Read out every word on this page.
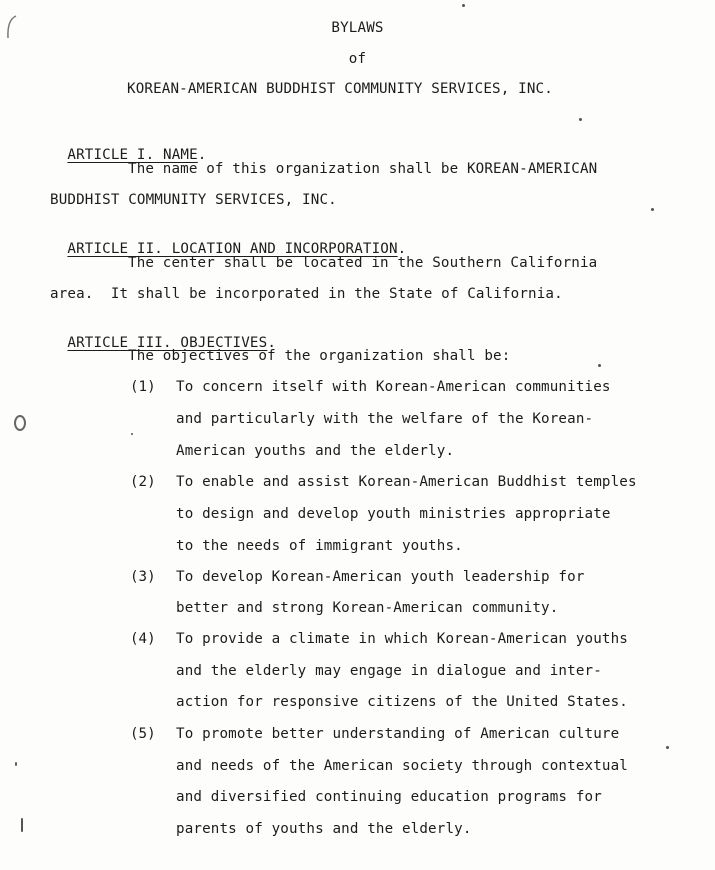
BYLAWS
of
KOREAN-AMERICAN BUDDHIST COMMUNITY SERVICES, INC.

ARTICLE I. NAME.

The name of this organization shall be KOREAN-AMERICAN
BUDDHIST COMMUNITY SERVICES, INC.

ARTICLE II. LOCATION AND INCORPORATION.

The center shall be located in the Southern California
area.  It shall be incorporated in the State of California.

ARTICLE III. OBJECTIVES.

The objectives of the organization shall be:
(1) To concern itself with Korean-American communities
and particularly with the welfare of the Korean-
American youths and the elderly.
(2) To enable and assist Korean-American Buddhist temples
to design and develop youth ministries appropriate
to the needs of immigrant youths.
(3) To develop Korean-American youth leadership for
better and strong Korean-American community.
(4) To provide a climate in which Korean-American youths
and the elderly may engage in dialogue and inter-
action for responsive citizens of the United States.
(5) To promote better understanding of American culture
and needs of the American society through contextual
and diversified continuing education programs for
parents of youths and the elderly.
